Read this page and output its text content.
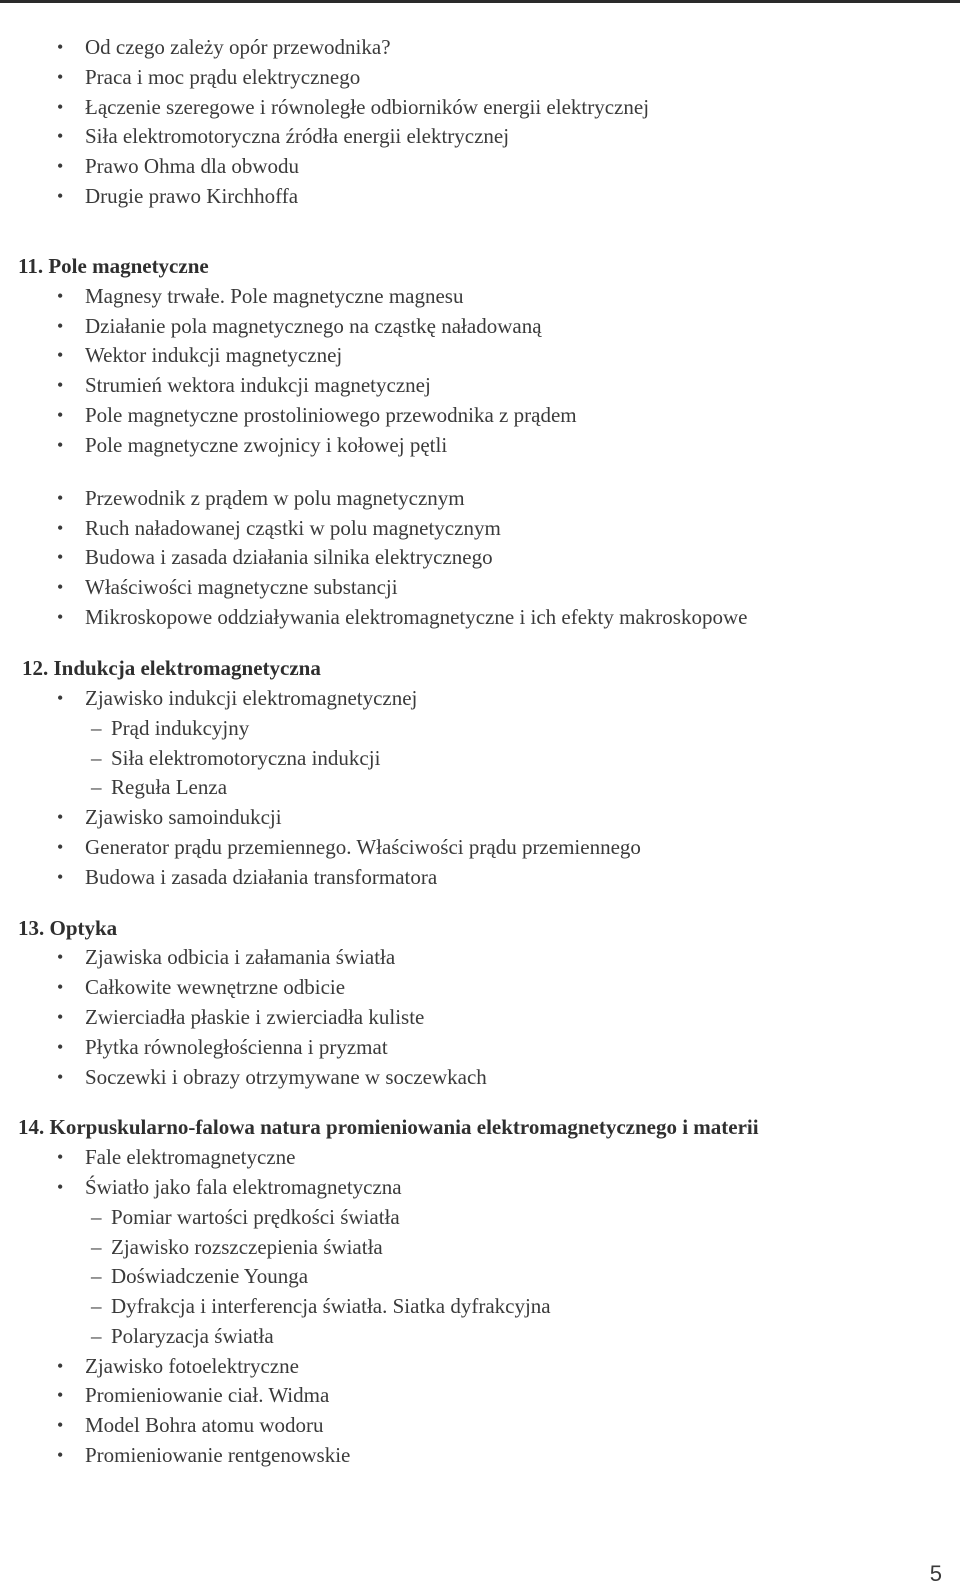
• Od czego zależy opór przewodnika?
• Praca i moc prądu elektrycznego
• Łączenie szeregowe i równoległe odbiorników energii elektrycznej
• Siła elektromotoryczna źródła energii elektrycznej
• Prawo Ohma dla obwodu
• Drugie prawo Kirchhoffa
11. Pole magnetyczne
• Magnesy trwałe. Pole magnetyczne magnesu
• Działanie pola magnetycznego na cząstkę naładowaną
• Wektor indukcji magnetycznej
• Strumień wektora indukcji magnetycznej
• Pole magnetyczne prostoliniowego przewodnika z prądem
• Pole magnetyczne zwojnicy i kołowej pętli
• Przewodnik z prądem w polu magnetycznym
• Ruch naładowanej cząstki w polu magnetycznym
• Budowa i zasada działania silnika elektrycznego
• Właściwości magnetyczne substancji
• Mikroskopowe oddziaływania elektromagnetyczne i ich efekty makroskopowe
12. Indukcja elektromagnetyczna
• Zjawisko indukcji elektromagnetycznej
– Prąd indukcyjny
– Siła elektromotoryczna indukcji
– Reguła Lenza
• Zjawisko samoindukcji
• Generator prądu przemiennego. Właściwości prądu przemiennego
• Budowa i zasada działania transformatora
13. Optyka
• Zjawiska odbicia i załamania światła
• Całkowite wewnętrzne odbicie
• Zwierciadła płaskie i zwierciadła kuliste
• Płytka równoległościenna i pryzmat
• Soczewki i obrazy otrzymywane w soczewkach
14. Korpuskularno-falowa natura promieniowania elektromagnetycznego i materii
• Fale elektromagnetyczne
• Światło jako fala elektromagnetyczna
– Pomiar wartości prędkości światła
– Zjawisko rozszczepienia światła
– Doświadczenie Younga
– Dyfrakcja i interferencja światła. Siatka dyfrakcyjna
– Polaryzacja światła
• Zjawisko fotoelektryczne
• Promieniowanie ciał. Widma
• Model Bohra atomu wodoru
• Promieniowanie rentgenowskie
5
